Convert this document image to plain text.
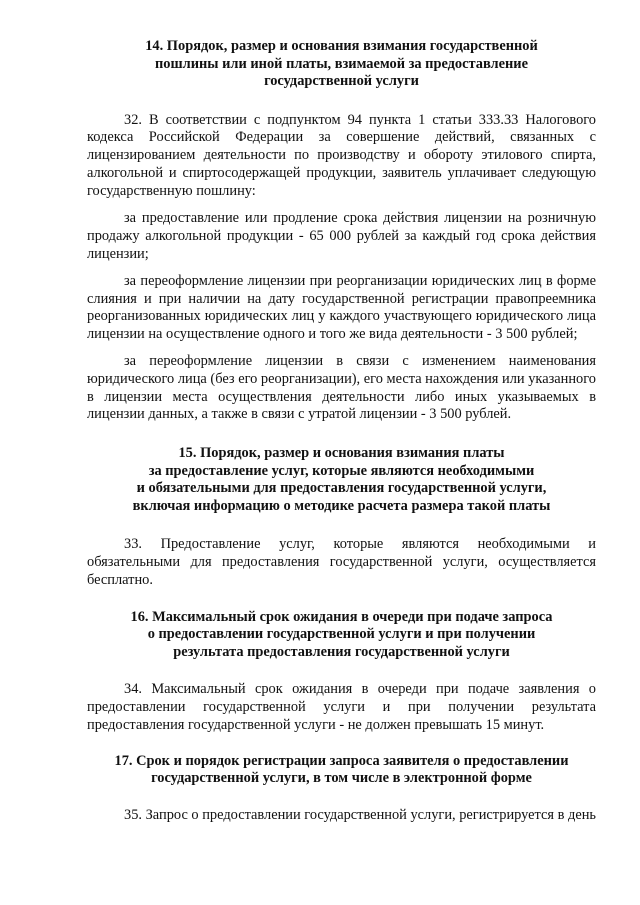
14. Порядок, размер и основания взимания государственной
пошлины или иной платы, взимаемой за предоставление
государственной услуги

32. В соответствии с подпунктом 94 пункта 1 статьи 333.33 Налогового кодекса Российской Федерации за совершение действий, связанных с лицензированием деятельности по производству и обороту этилового спирта, алкогольной и спиртосодержащей продукции, заявитель уплачивает следующую государственную пошлину:

за предоставление или продление срока действия лицензии на розничную продажу алкогольной продукции - 65 000 рублей за каждый год срока действия лицензии;

за переоформление лицензии при реорганизации юридических лиц в форме слияния и при наличии на дату государственной регистрации правопреемника реорганизованных юридических лиц у каждого участвующего юридического лица лицензии на осуществление одного и того же вида деятельности - 3 500 рублей;

за переоформление лицензии в связи с изменением наименования юридического лица (без его реорганизации), его места нахождения или указанного в лицензии места осуществления деятельности либо иных указываемых в лицензии данных, а также в связи с утратой лицензии - 3 500 рублей.

15. Порядок, размер и основания взимания платы
за предоставление услуг, которые являются необходимыми
и обязательными для предоставления государственной услуги,
включая информацию о методике расчета размера такой платы

33. Предоставление услуг, которые являются необходимыми и обязательными для предоставления государственной услуги, осуществляется бесплатно.

16. Максимальный срок ожидания в очереди при подаче запроса
о предоставлении государственной услуги и при получении
результата предоставления государственной услуги

34. Максимальный срок ожидания в очереди при подаче заявления о предоставлении государственной услуги и при получении результата предоставления государственной услуги - не должен превышать 15 минут.

17. Срок и порядок регистрации запроса заявителя о предоставлении
государственной услуги, в том числе в электронной форме

35. Запрос о предоставлении государственной услуги, регистрируется в день
